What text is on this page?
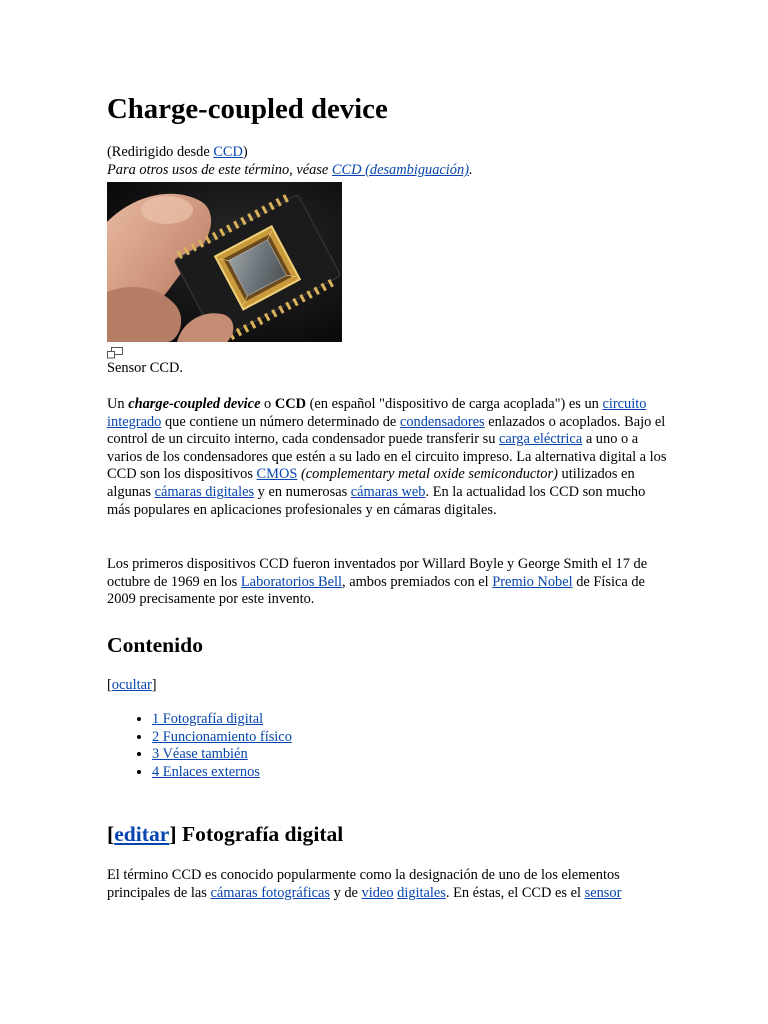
Charge-coupled device

(Redirigido desde CCD)

Para otros usos de este término, véase CCD (desambiguación).

Sensor CCD.

Un charge-coupled device o CCD (en español "dispositivo de carga acoplada") es un circuito integrado que contiene un número determinado de condensadores enlazados o acoplados. Bajo el control de un circuito interno, cada condensador puede transferir su carga eléctrica a uno o a varios de los condensadores que estén a su lado en el circuito impreso. La alternativa digital a los CCD son los dispositivos CMOS (complementary metal oxide semiconductor) utilizados en algunas cámaras digitales y en numerosas cámaras web. En la actualidad los CCD son mucho más populares en aplicaciones profesionales y en cámaras digitales.

Los primeros dispositivos CCD fueron inventados por Willard Boyle y George Smith el 17 de octubre de 1969 en los Laboratorios Bell, ambos premiados con el Premio Nobel de Física de 2009 precisamente por este invento.

Contenido

[ocultar]

• 1 Fotografía digital
• 2 Funcionamiento físico
• 3 Véase también
• 4 Enlaces externos
[editar] Fotografía digital

El término CCD es conocido popularmente como la designación de uno de los elementos principales de las cámaras fotográficas y de video digitales. En éstas, el CCD es el sensor
